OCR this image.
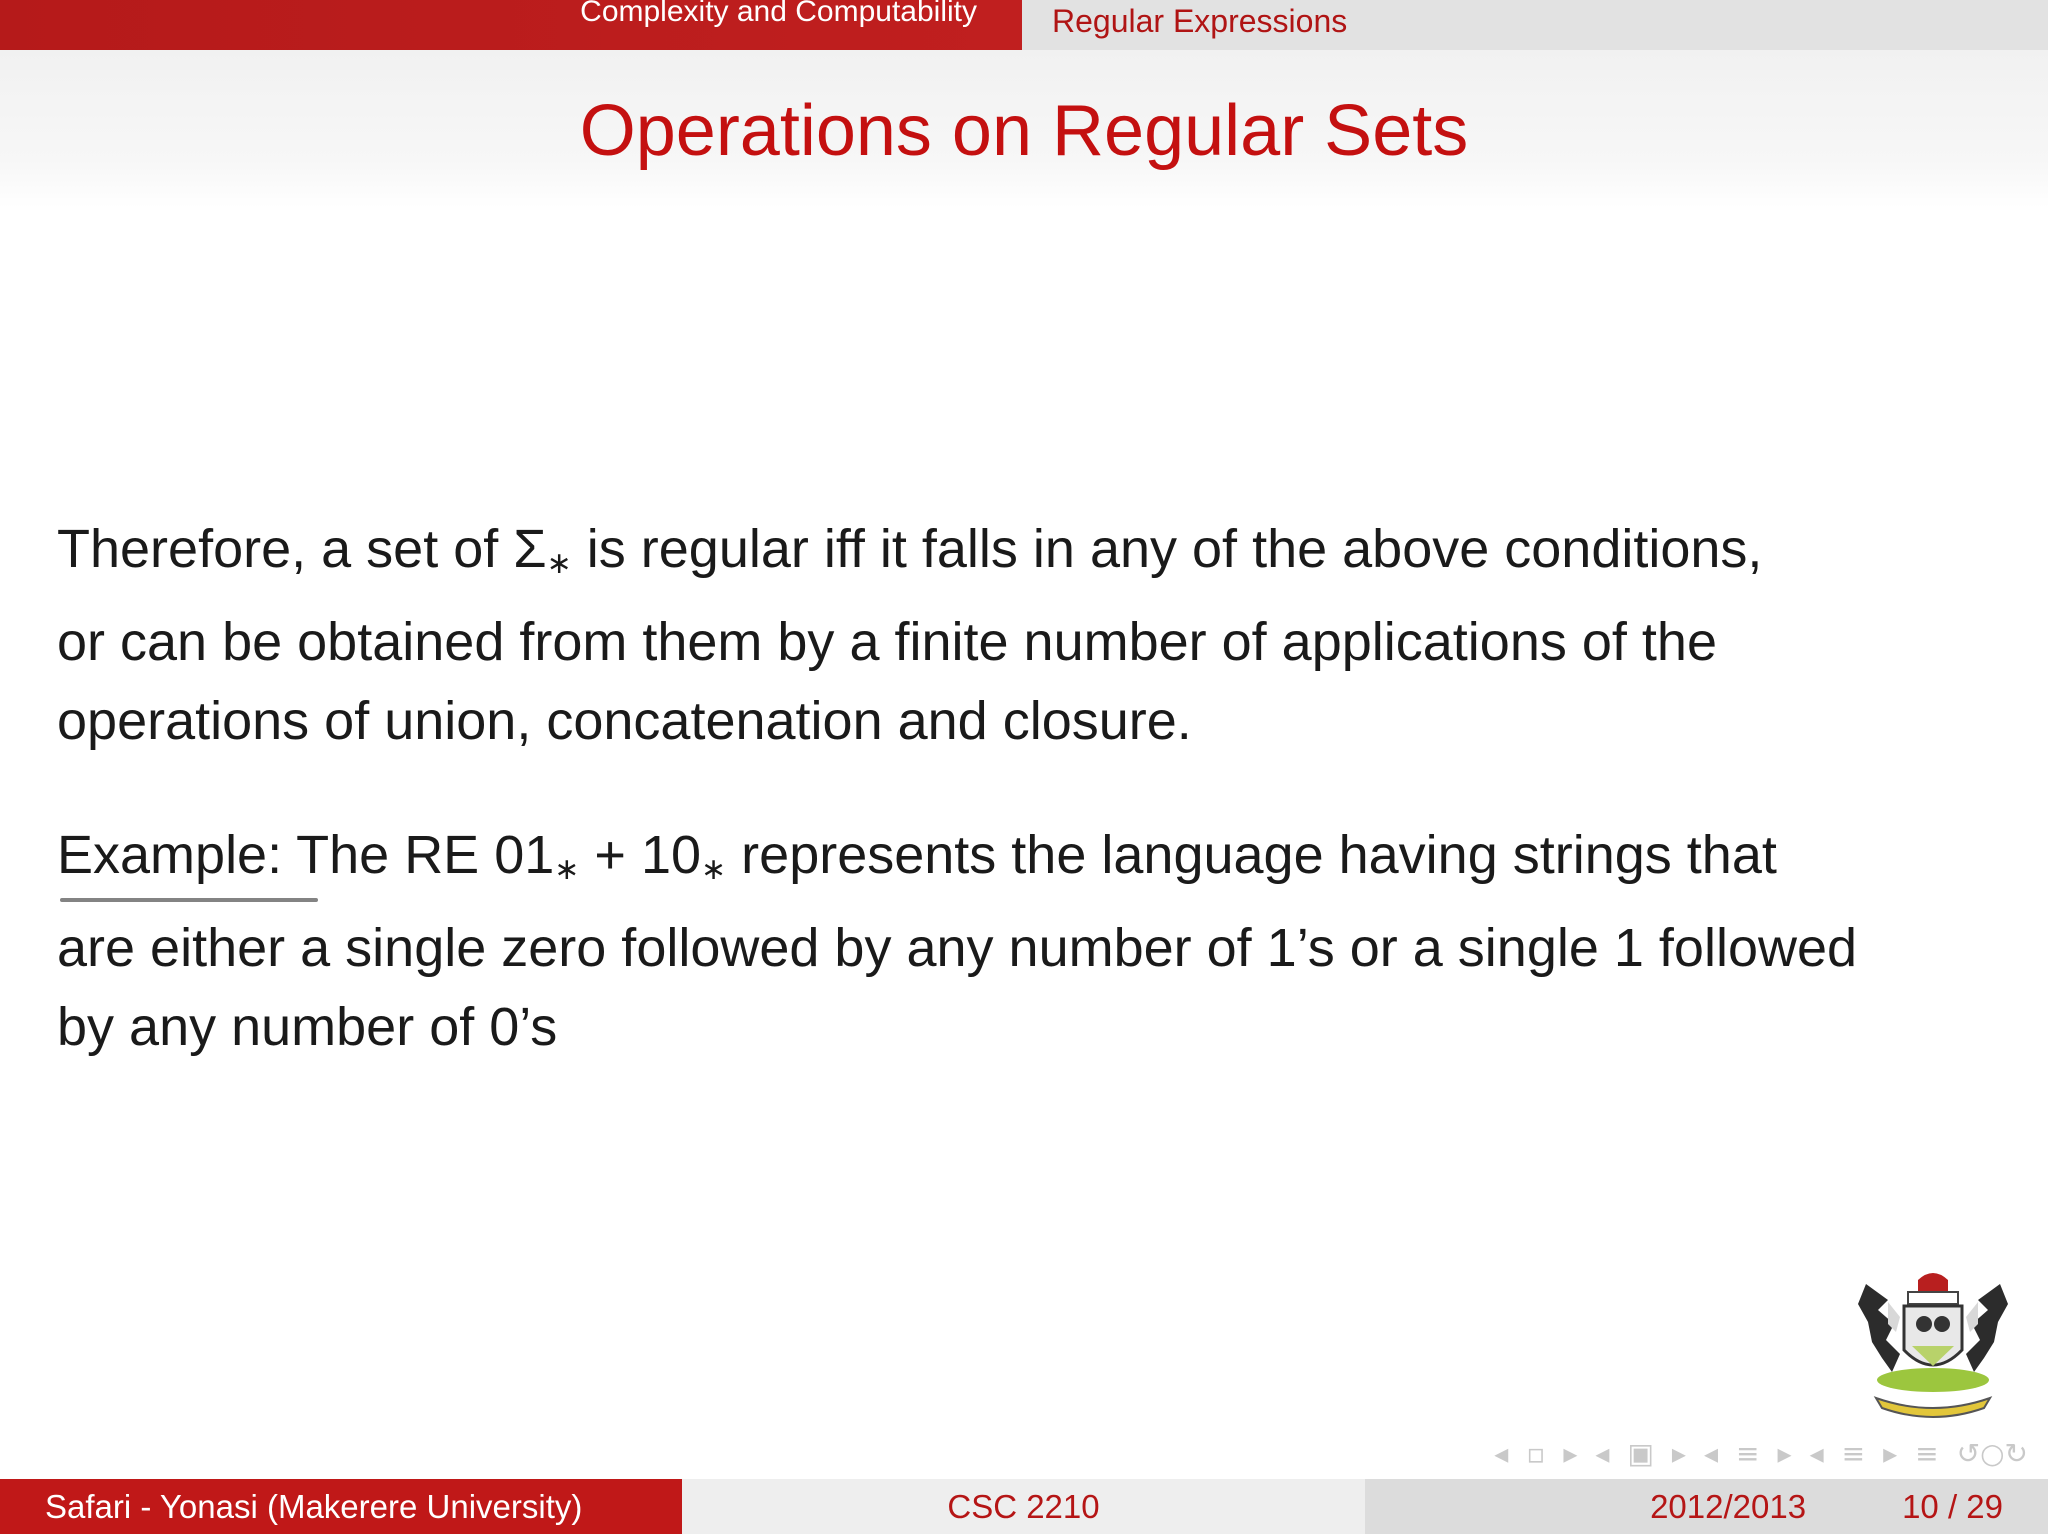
Complexity and Computability	Regular Expressions
Operations on Regular Sets
Therefore, a set of $\Sigma_∗$ is regular iff it falls in any of the above conditions,
or can be obtained from them by a finite number of applications of the
operations of union, concatenation and closure.
Example: The RE $01_∗ + 10_∗$ represents the language having strings that
are either a single zero followed by any number of 1’s or a single 1 followed
by any number of 0’s
◂ ▫ ▸ ◂ ▣ ▸ ◂ ≡ ▸ ◂ ≡ ▸ ≡ ↺○↻
Safari - Yonasi (Makerere University)	CSC 2210	2012/2013	10 / 29
